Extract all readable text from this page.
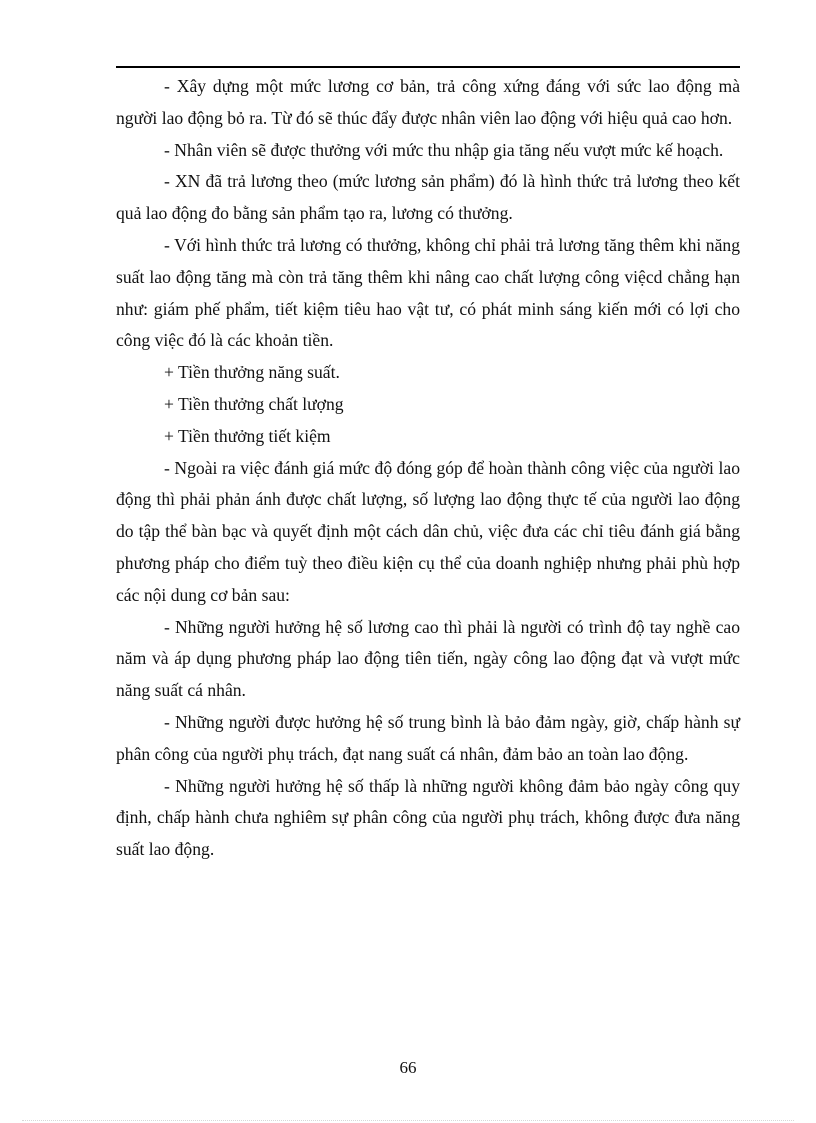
- Xây dựng một mức lương cơ bản, trả công xứng đáng với sức lao động mà người lao động bỏ ra. Từ đó sẽ thúc đẩy được nhân viên lao động với hiệu quả cao hơn.

- Nhân viên sẽ được thưởng với mức thu nhập gia tăng nếu vượt mức kế hoạch.

- XN đã trả lương theo (mức lương sản phẩm) đó là hình thức trả lương theo kết quả lao động đo bằng sản phẩm tạo ra, lương có thưởng.

- Với hình thức trả lương có thưởng, không chỉ phải trả lương tăng thêm khi năng suất lao động tăng mà còn trả tăng thêm khi nâng cao chất lượng công việcd chẳng hạn như: giám phế phẩm, tiết kiệm tiêu hao vật tư, có phát minh sáng kiến mới có lợi cho công việc đó là các khoản tiền.

+ Tiền thưởng năng suất.

+ Tiền thưởng chất lượng

+ Tiền thưởng tiết kiệm

- Ngoài ra việc đánh giá mức độ đóng góp để hoàn thành công việc của người lao động thì phải phản ánh được chất lượng, số lượng lao động thực tế của người lao động do tập thể bàn bạc và quyết định một cách dân chủ, việc đưa các chỉ tiêu đánh giá bằng phương pháp cho điểm tuỳ theo điều kiện cụ thể của doanh nghiệp nhưng phải phù hợp các nội dung cơ bản sau:

- Những người hưởng hệ số lương cao thì phải là người có trình độ tay nghề cao năm và áp dụng phương pháp lao động tiên tiến, ngày công lao động đạt và vượt mức năng suất cá nhân.

- Những người được hưởng hệ số trung bình là bảo đảm ngày, giờ, chấp hành sự phân công của người phụ trách, đạt nang suất cá nhân, đảm bảo an toàn lao động.

- Những người hưởng hệ số thấp là những người không đảm bảo ngày công quy định, chấp hành chưa nghiêm sự phân công của người phụ trách, không được đưa năng suất lao động.

66
